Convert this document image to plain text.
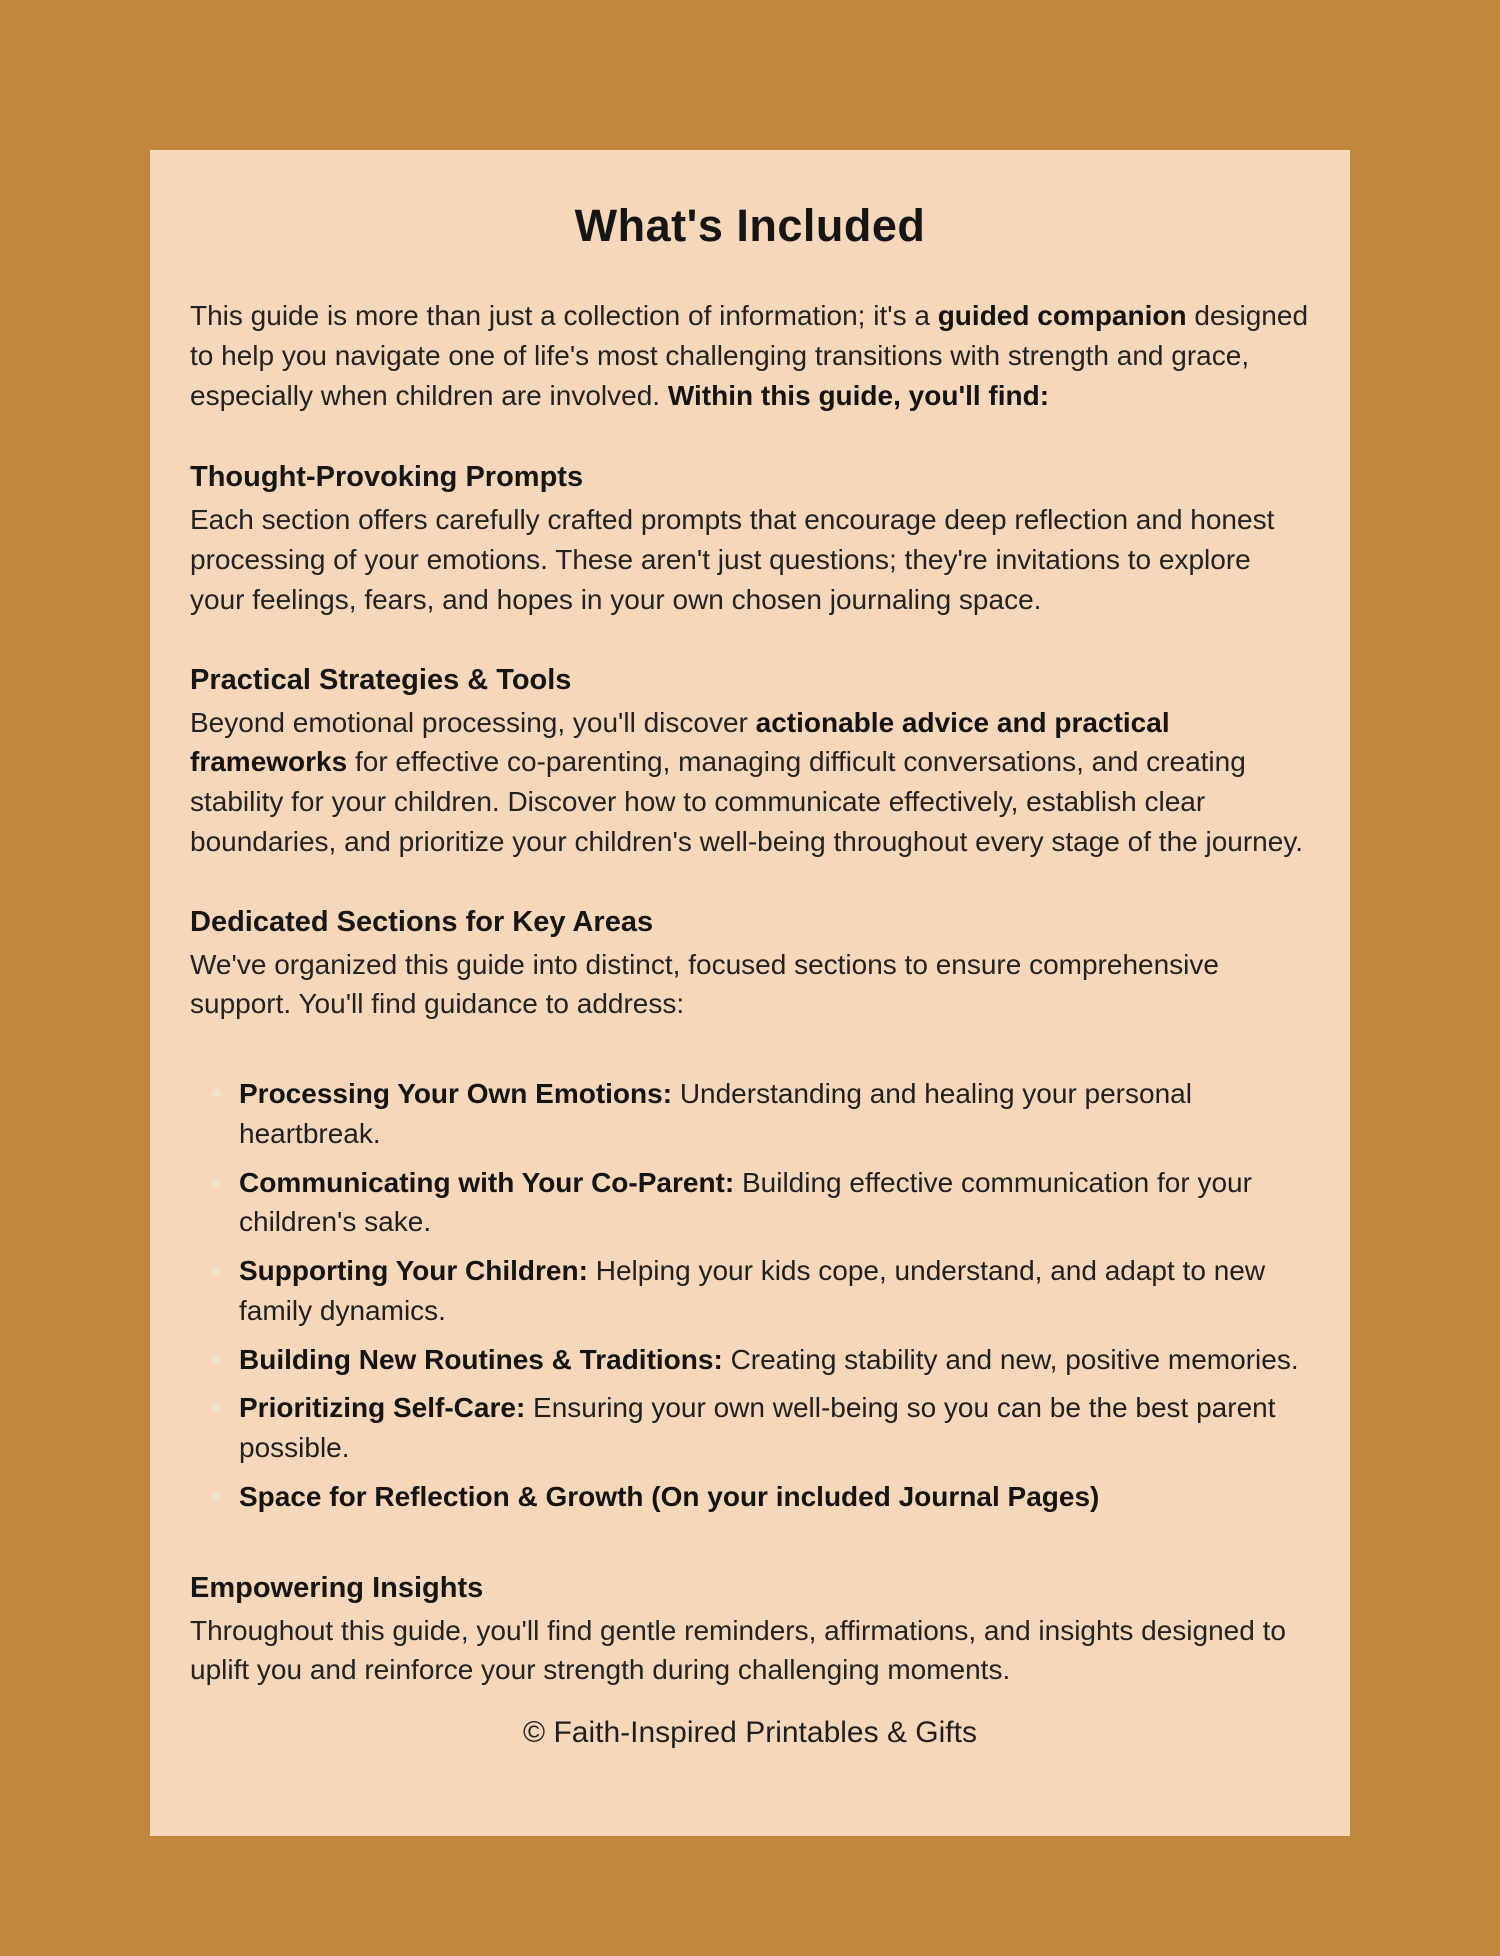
What's Included

This guide is more than just a collection of information; it's a guided companion designed to help you navigate one of life's most challenging transitions with strength and grace, especially when children are involved. Within this guide, you'll find:

Thought-Provoking Prompts

Each section offers carefully crafted prompts that encourage deep reflection and honest processing of your emotions. These aren't just questions; they're invitations to explore your feelings, fears, and hopes in your own chosen journaling space.

Practical Strategies & Tools

Beyond emotional processing, you'll discover actionable advice and practical frameworks for effective co-parenting, managing difficult conversations, and creating stability for your children. Discover how to communicate effectively, establish clear boundaries, and prioritize your children's well-being throughout every stage of the journey.

Dedicated Sections for Key Areas

We've organized this guide into distinct, focused sections to ensure comprehensive support. You'll find guidance to address:

Processing Your Own Emotions: Understanding and healing your personal heartbreak.
Communicating with Your Co-Parent: Building effective communication for your children's sake.
Supporting Your Children: Helping your kids cope, understand, and adapt to new family dynamics.
Building New Routines & Traditions: Creating stability and new, positive memories.
Prioritizing Self-Care: Ensuring your own well-being so you can be the best parent possible.
Space for Reflection & Growth (On your included Journal Pages)
Empowering Insights

Throughout this guide, you'll find gentle reminders, affirmations, and insights designed to uplift you and reinforce your strength during challenging moments.

© Faith-Inspired Printables & Gifts
